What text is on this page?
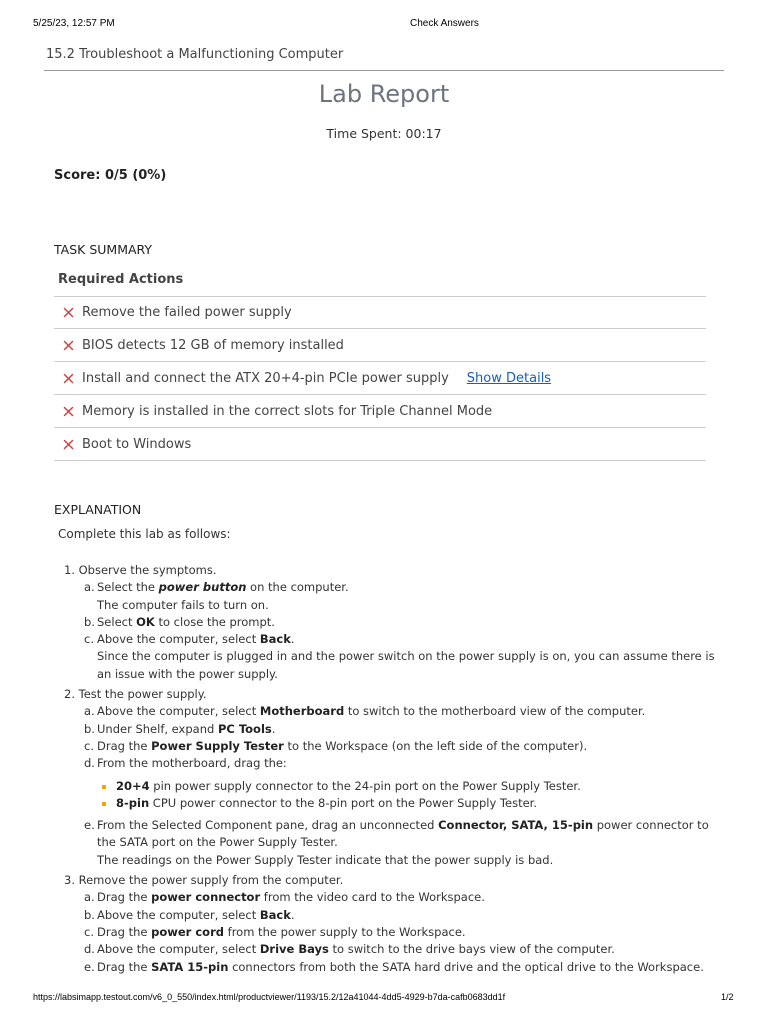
5/25/23, 12:57 PM	Check Answers
15.2 Troubleshoot a Malfunctioning Computer
Lab Report
Time Spent: 00:17
Score: 0/5 (0%)
TASK SUMMARY
Required Actions
Remove the failed power supply
BIOS detects 12 GB of memory installed
Install and connect the ATX 20+4-pin PCIe power supply Show Details
Memory is installed in the correct slots for Triple Channel Mode
Boot to Windows
EXPLANATION
Complete this lab as follows:
1. Observe the symptoms.
a. Select the power button on the computer.
The computer fails to turn on.
b. Select OK to close the prompt.
c. Above the computer, select Back.
Since the computer is plugged in and the power switch on the power supply is on, you can assume there is an issue with the power supply.
2. Test the power supply.
a. Above the computer, select Motherboard to switch to the motherboard view of the computer.
b. Under Shelf, expand PC Tools.
c. Drag the Power Supply Tester to the Workspace (on the left side of the computer).
d. From the motherboard, drag the:
20+4 pin power supply connector to the 24-pin port on the Power Supply Tester.
8-pin CPU power connector to the 8-pin port on the Power Supply Tester.
e. From the Selected Component pane, drag an unconnected Connector, SATA, 15-pin power connector to the SATA port on the Power Supply Tester.
The readings on the Power Supply Tester indicate that the power supply is bad.
3. Remove the power supply from the computer.
a. Drag the power connector from the video card to the Workspace.
b. Above the computer, select Back.
c. Drag the power cord from the power supply to the Workspace.
d. Above the computer, select Drive Bays to switch to the drive bays view of the computer.
e. Drag the SATA 15-pin connectors from both the SATA hard drive and the optical drive to the Workspace.
https://labsimapp.testout.com/v6_0_550/index.html/productviewer/1193/15.2/12a41044-4dd5-4929-b7da-cafb0683dd1f	1/2
